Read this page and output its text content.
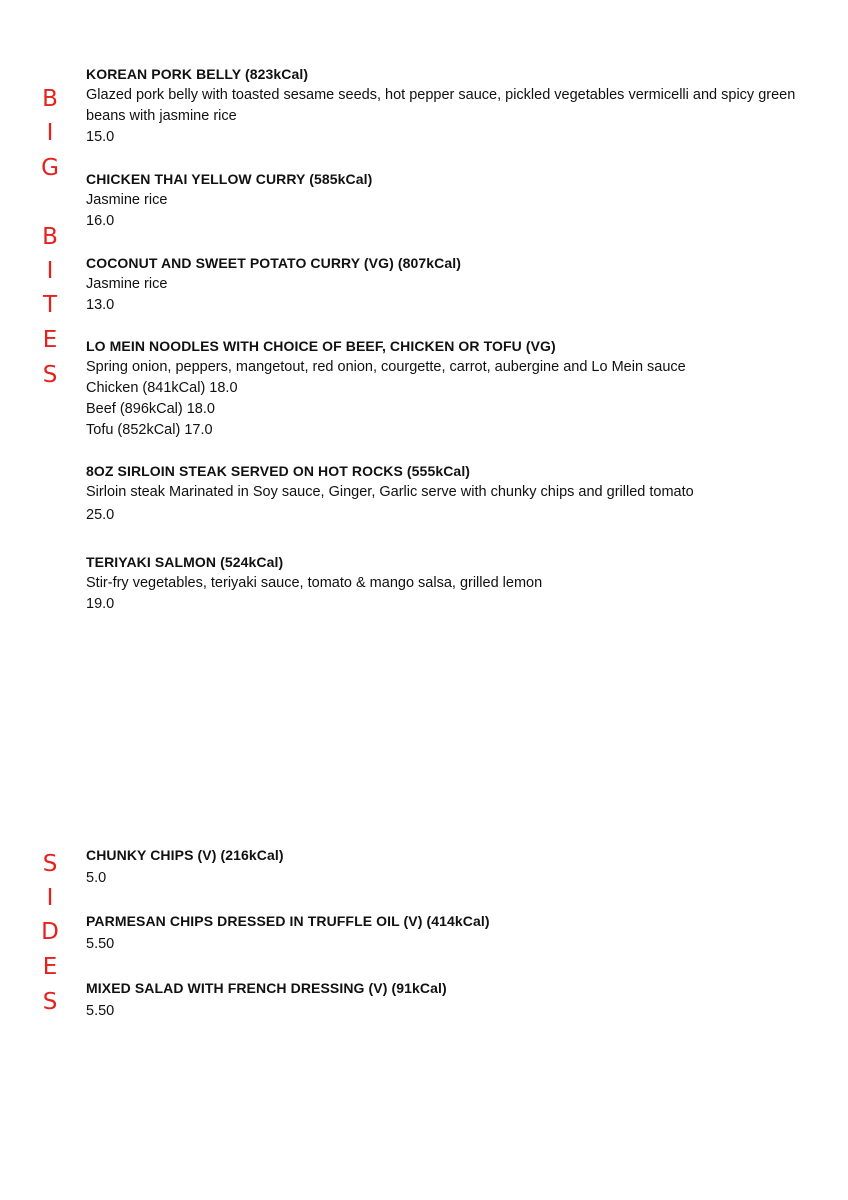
B
I
G
B
I
T
E
S
KOREAN PORK BELLY (823kCal)
Glazed pork belly with toasted sesame seeds, hot pepper sauce, pickled vegetables vermicelli and spicy green beans with jasmine rice
15.0
CHICKEN THAI YELLOW CURRY (585kCal)
Jasmine rice
16.0
COCONUT AND SWEET POTATO CURRY (VG) (807kCal)
Jasmine rice
13.0
LO MEIN NOODLES WITH CHOICE OF BEEF, CHICKEN OR TOFU (VG)
Spring onion, peppers, mangetout, red onion, courgette, carrot, aubergine and Lo Mein sauce
Chicken (841kCal) 18.0
Beef (896kCal) 18.0
Tofu (852kCal) 17.0
8OZ SIRLOIN STEAK SERVED ON HOT ROCKS (555kCal)
Sirloin steak Marinated in Soy sauce, Ginger, Garlic serve with chunky chips and grilled tomato
25.0
TERIYAKI SALMON (524kCal)
Stir-fry vegetables, teriyaki sauce, tomato & mango salsa, grilled lemon
19.0
S
I
D
E
S
CHUNKY CHIPS (V) (216kCal)
5.0
PARMESAN CHIPS DRESSED IN TRUFFLE OIL (V) (414kCal)
5.50
MIXED SALAD WITH FRENCH DRESSING (V) (91kCal)
5.50
